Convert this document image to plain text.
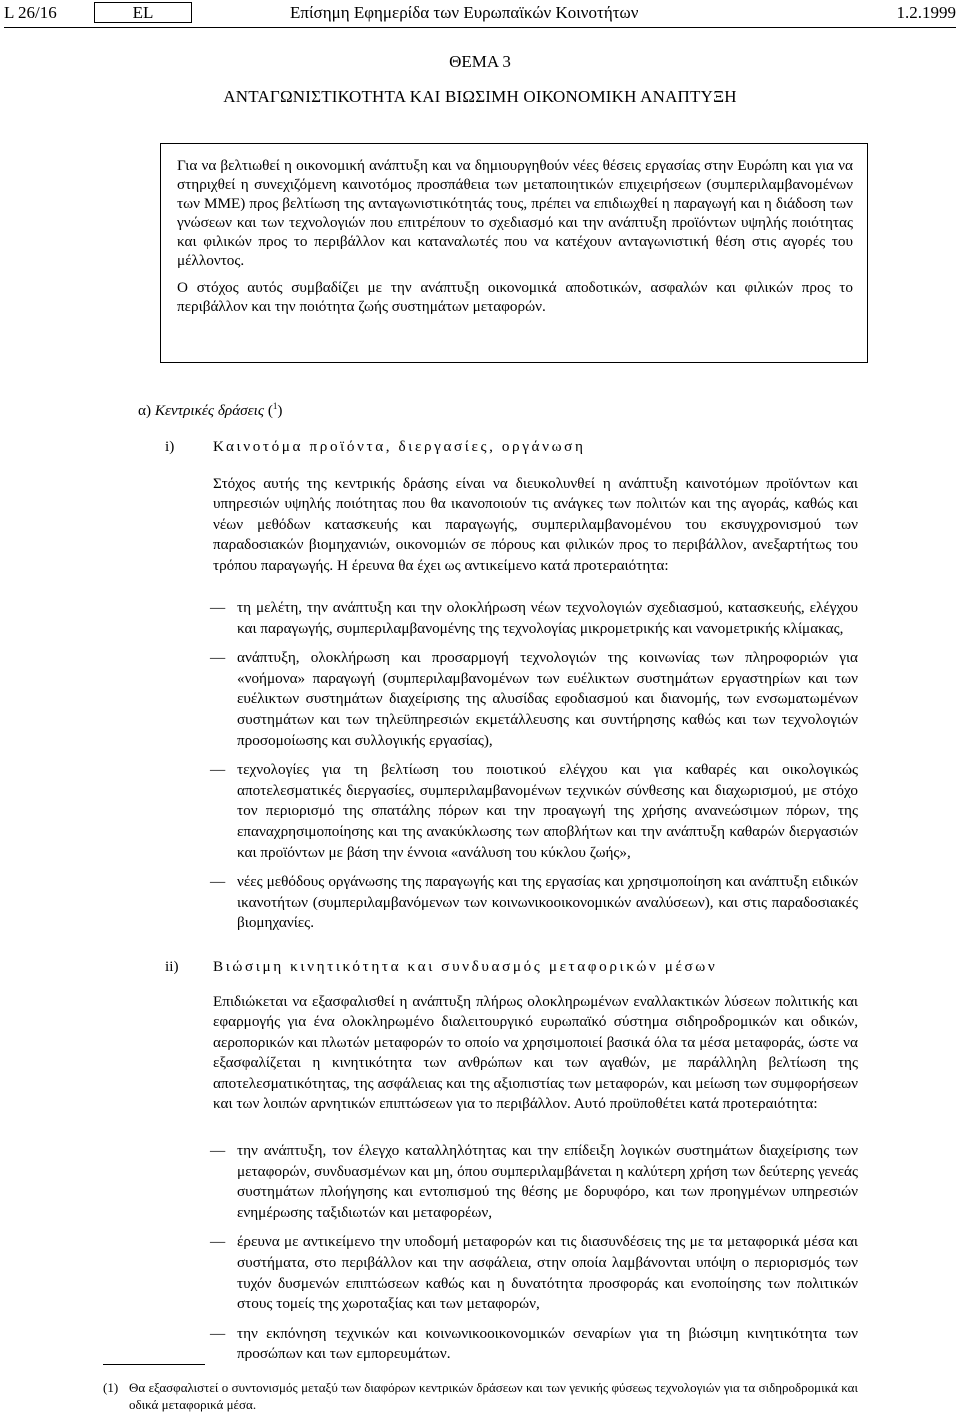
L 26/16	EL	Επίσημη Εφημερίδα των Ευρωπαϊκών Κοινοτήτων	1.2.1999
ΘΕΜΑ 3
ΑΝΤΑΓΩΝΙΣΤΙΚΟΤΗΤΑ ΚΑΙ ΒΙΩΣΙΜΗ ΟΙΚΟΝΟΜΙΚΗ ΑΝΑΠΤΥΞΗ

Για να βελτιωθεί η οικονομική ανάπτυξη και να δημιουργηθούν νέες θέσεις εργασίας στην Ευρώπη και για να στηριχθεί η συνεχιζόμενη καινοτόμος προσπάθεια των μεταποιητικών επιχειρήσεων (συμπεριλαμβανομένων των ΜΜΕ) προς βελτίωση της ανταγωνιστικότητάς τους, πρέπει να επιδιωχθεί η παραγωγή και η διάδοση των γνώσεων και των τεχνολογιών που επιτρέπουν το σχεδιασμό και την ανάπτυξη προϊόντων υψηλής ποιότητας και φιλικών προς το περιβάλλον και καταναλωτές που να κατέχουν ανταγωνιστική θέση στις αγορές του μέλλοντος.

Ο στόχος αυτός συμβαδίζει με την ανάπτυξη οικονομικά αποδοτικών, ασφαλών και φιλικών προς το περιβάλλον και την ποιότητα ζωής συστημάτων μεταφορών.

α) Κεντρικές δράσεις ($^1$)
i)	Καινοτόμα προϊόντα, διεργασίες, οργάνωση

Στόχος αυτής της κεντρικής δράσης είναι να διευκολυνθεί η ανάπτυξη καινοτόμων προϊόντων και υπηρεσιών υψηλής ποιότητας που θα ικανοποιούν τις ανάγκες των πολιτών και της αγοράς, καθώς και νέων μεθόδων κατασκευής και παραγωγής, συμπεριλαμβανομένου του εκσυγχρονισμού των παραδοσιακών βιομηχανιών, οικονομιών σε πόρους και φιλικών προς το περιβάλλον, ανεξαρτήτως του τρόπου παραγωγής. Η έρευνα θα έχει ως αντικείμενο κατά προτεραιότητα:

— τη μελέτη, την ανάπτυξη και την ολοκλήρωση νέων τεχνολογιών σχεδιασμού, κατασκευής, ελέγχου και παραγωγής, συμπεριλαμβανομένης της τεχνολογίας μικρομετρικής και νανομετρικής κλίμακας,
— ανάπτυξη, ολοκλήρωση και προσαρμογή τεχνολογιών της κοινωνίας των πληροφοριών για «νοήμονα» παραγωγή (συμπεριλαμβανομένων των ευέλικτων συστημάτων εργαστηρίων και των ευέλικτων συστημάτων διαχείρισης της αλυσίδας εφοδιασμού και διανομής, των ενσωματωμένων συστημάτων και των τηλεϋπηρεσιών εκμετάλλευσης και συντήρησης καθώς και των τεχνολογιών προσομοίωσης και συλλογικής εργασίας),
— τεχνολογίες για τη βελτίωση του ποιοτικού ελέγχου και για καθαρές και οικολογικώς αποτελεσματικές διεργασίες, συμπεριλαμβανομένων τεχνικών σύνθεσης και διαχωρισμού, με στόχο τον περιορισμό της σπατάλης πόρων και την προαγωγή της χρήσης ανανεώσιμων πόρων, της επαναχρησιμοποίησης και της ανακύκλωσης των αποβλήτων και την ανάπτυξη καθαρών διεργασιών και προϊόντων με βάση την έννοια «ανάλυση του κύκλου ζωής»,
— νέες μεθόδους οργάνωσης της παραγωγής και της εργασίας και χρησιμοποίηση και ανάπτυξη ειδικών ικανοτήτων (συμπεριλαμβανόμενων των κοινωνικοοικονομικών αναλύσεων), και στις παραδοσιακές βιομηχανίες.
ii) Βιώσιμη κινητικότητα και συνδυασμός μεταφορικών μέσων

Επιδιώκεται να εξασφαλισθεί η ανάπτυξη πλήρως ολοκληρωμένων εναλλακτικών λύσεων πολιτικής και εφαρμογής για ένα ολοκληρωμένο διαλειτουργικό ευρωπαϊκό σύστημα σιδηροδρομικών και οδικών, αεροπορικών και πλωτών μεταφορών το οποίο να χρησιμοποιεί βασικά όλα τα μέσα μεταφοράς, ώστε να εξασφαλίζεται η κινητικότητα των ανθρώπων και των αγαθών, με παράλληλη βελτίωση της αποτελεσματικότητας, της ασφάλειας και της αξιοπιστίας των μεταφορών, και μείωση των συμφορήσεων και των λοιπών αρνητικών επιπτώσεων για το περιβάλλον. Αυτό προϋποθέτει κατά προτεραιότητα:

— την ανάπτυξη, τον έλεγχο καταλληλότητας και την επίδειξη λογικών συστημάτων διαχείρισης των μεταφορών, συνδυασμένων και μη, όπου συμπεριλαμβάνεται η καλύτερη χρήση των δεύτερης γενεάς συστημάτων πλοήγησης και εντοπισμού της θέσης με δορυφόρο, και των προηγμένων υπηρεσιών ενημέρωσης ταξιδιωτών και μεταφορέων,
— έρευνα με αντικείμενο την υποδομή μεταφορών και τις διασυνδέσεις της με τα μεταφορικά μέσα και συστήματα, στο περιβάλλον και την ασφάλεια, στην οποία λαμβάνονται υπόψη ο περιορισμός των τυχόν δυσμενών επιπτώσεων καθώς και η δυνατότητα προσφοράς και ενοποίησης των πολιτικών στους τομείς της χωροταξίας και των μεταφορών,
— την εκπόνηση τεχνικών και κοινωνικοοικονομικών σεναρίων για τη βιώσιμη κινητικότητα των προσώπων και των εμπορευμάτων.
(1) Θα εξασφαλιστεί ο συντονισμός μεταξύ των διαφόρων κεντρικών δράσεων και των γενικής φύσεως τεχνολογιών για τα σιδηροδρομικά και οδικά μεταφορικά μέσα.
